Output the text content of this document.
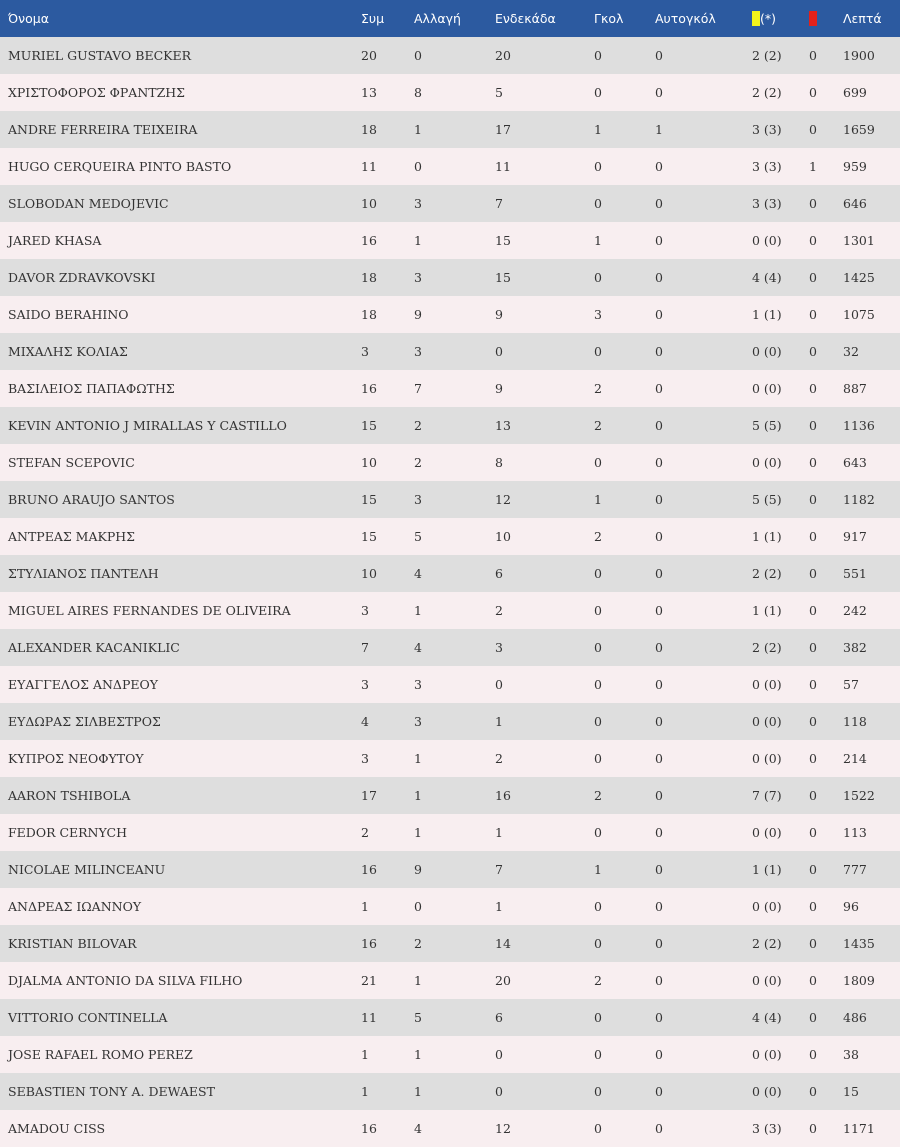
Όνομα	Συμ	Αλλαγή	Ενδεκάδα	Γκολ	Αυτογκόλ	(*)		Λεπτά
MURIEL GUSTAVO BECKER	20	0	20	0	0	2 (2)	0	1900
ΧΡΙΣΤΟΦΟΡΟΣ ΦΡΑΝΤΖΗΣ	13	8	5	0	0	2 (2)	0	699
ANDRE FERREIRA TEIXEIRA	18	1	17	1	1	3 (3)	0	1659
HUGO CERQUEIRA PINTO BASTO	11	0	11	0	0	3 (3)	1	959
SLOBODAN MEDOJEVIC	10	3	7	0	0	3 (3)	0	646
JARED KHASA	16	1	15	1	0	0 (0)	0	1301
DAVOR ZDRAVKOVSKI	18	3	15	0	0	4 (4)	0	1425
SAIDO BERAHINO	18	9	9	3	0	1 (1)	0	1075
ΜΙΧΑΛΗΣ ΚΟΛΙΑΣ	3	3	0	0	0	0 (0)	0	32
ΒΑΣΙΛΕΙΟΣ ΠΑΠΑΦΩΤΗΣ	16	7	9	2	0	0 (0)	0	887
KEVIN ANTONIO J MIRALLAS Y CASTILLO	15	2	13	2	0	5 (5)	0	1136
STEFAN SCEPOVIC	10	2	8	0	0	0 (0)	0	643
BRUNO ARAUJO SANTOS	15	3	12	1	0	5 (5)	0	1182
ΑΝΤΡΕΑΣ ΜΑΚΡΗΣ	15	5	10	2	0	1 (1)	0	917
ΣΤΥΛΙΑΝΟΣ ΠΑΝΤΕΛΗ	10	4	6	0	0	2 (2)	0	551
MIGUEL AIRES FERNANDES DE OLIVEIRA	3	1	2	0	0	1 (1)	0	242
ALEXANDER KACANIKLIC	7	4	3	0	0	2 (2)	0	382
ΕΥΑΓΓΕΛΟΣ ΑΝΔΡΕΟΥ	3	3	0	0	0	0 (0)	0	57
ΕΥΔΩΡΑΣ ΣΙΛΒΕΣΤΡΟΣ	4	3	1	0	0	0 (0)	0	118
ΚΥΠΡΟΣ ΝΕΟΦΥΤΟΥ	3	1	2	0	0	0 (0)	0	214
AARON TSHIBOLA	17	1	16	2	0	7 (7)	0	1522
FEDOR CERNYCH	2	1	1	0	0	0 (0)	0	113
NICOLAE MILINCEANU	16	9	7	1	0	1 (1)	0	777
ΑΝΔΡΕΑΣ ΙΩΑΝΝΟΥ	1	0	1	0	0	0 (0)	0	96
KRISTIAN BILOVAR	16	2	14	0	0	2 (2)	0	1435
DJALMA ANTONIO DA SILVA FILHO	21	1	20	2	0	0 (0)	0	1809
VITTORIO CONTINELLA	11	5	6	0	0	4 (4)	0	486
JOSE RAFAEL ROMO PEREZ	1	1	0	0	0	0 (0)	0	38
SEBASTIEN TONY A. DEWAEST	1	1	0	0	0	0 (0)	0	15
AMADOU CISS	16	4	12	0	0	3 (3)	0	1171
